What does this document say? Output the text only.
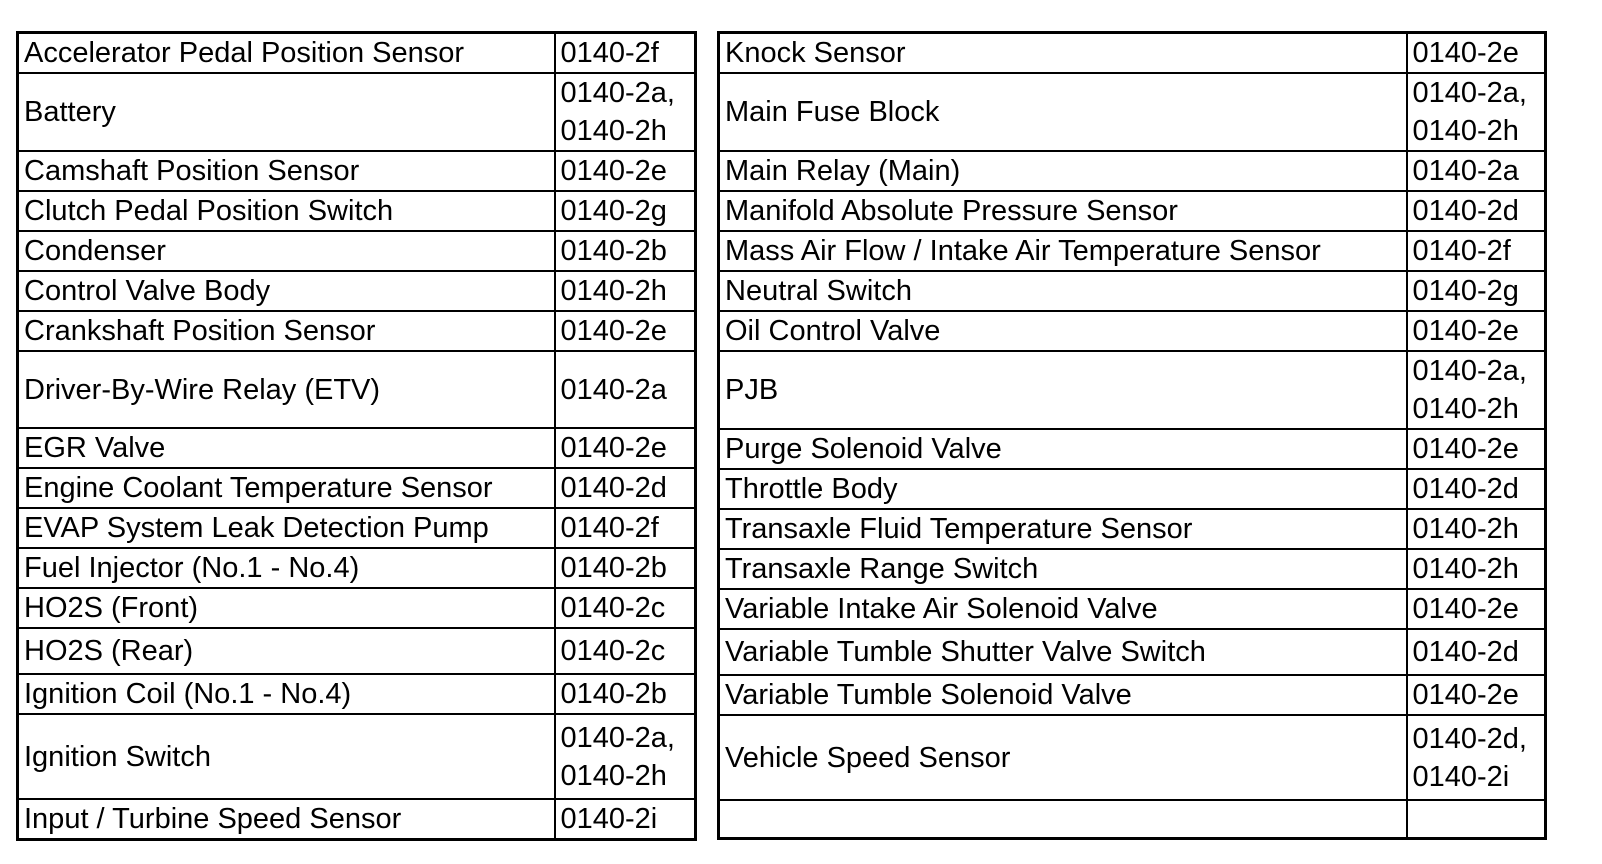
Accelerator Pedal Position Sensor	0140-2f

Battery	0140-2a,
0140-2h

Camshaft Position Sensor	0140-2e

Clutch Pedal Position Switch	0140-2g

Condenser	0140-2b

Control Valve Body	0140-2h

Crankshaft Position Sensor	0140-2e

Driver-By-Wire Relay (ETV)	0140-2a

EGR Valve	0140-2e

Engine Coolant Temperature Sensor	0140-2d

EVAP System Leak Detection Pump	0140-2f

Fuel Injector (No.1 - No.4)	0140-2b

HO2S (Front)	0140-2c

HO2S (Rear)	0140-2c

Ignition Coil (No.1 - No.4)	0140-2b

Ignition Switch	0140-2a,
0140-2h

Input / Turbine Speed Sensor	0140-2i
Knock Sensor	0140-2e

Main Fuse Block	0140-2a,
0140-2h

Main Relay (Main)	0140-2a

Manifold Absolute Pressure Sensor	0140-2d

Mass Air Flow / Intake Air Temperature Sensor	0140-2f

Neutral Switch	0140-2g

Oil Control Valve	0140-2e

PJB	0140-2a,
0140-2h

Purge Solenoid Valve	0140-2e

Throttle Body	0140-2d

Transaxle Fluid Temperature Sensor	0140-2h

Transaxle Range Switch	0140-2h

Variable Intake Air Solenoid Valve	0140-2e

Variable Tumble Shutter Valve Switch	0140-2d

Variable Tumble Solenoid Valve	0140-2e

Vehicle Speed Sensor	0140-2d,
0140-2i
